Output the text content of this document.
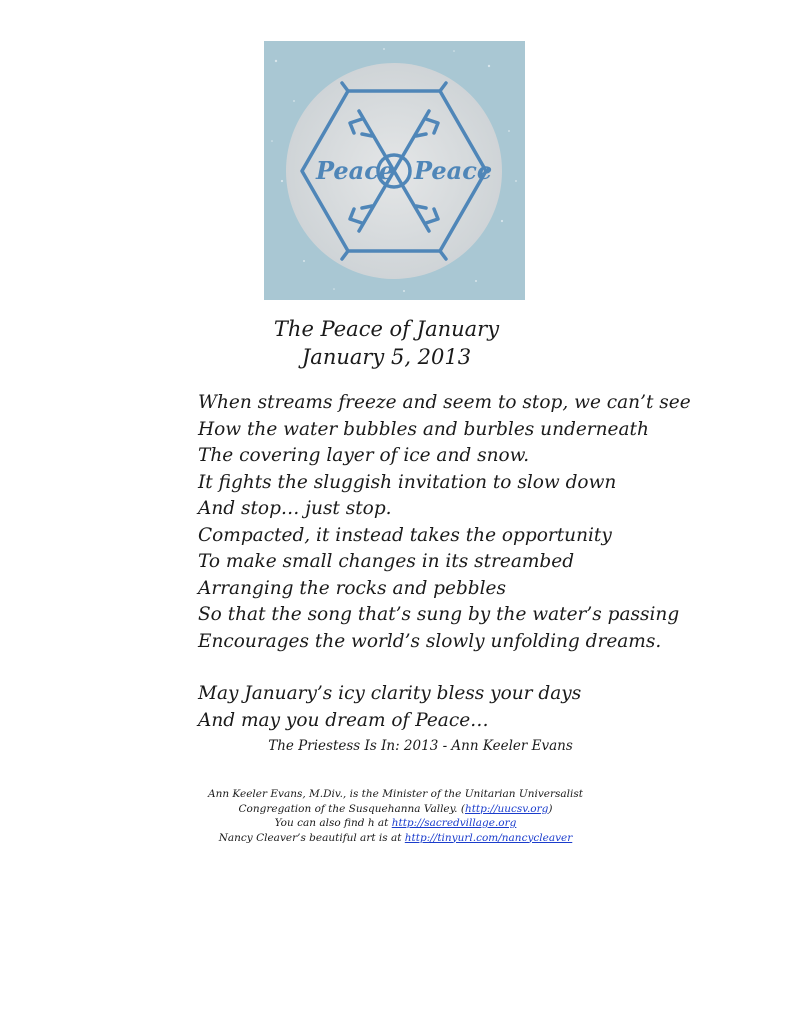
Peace Peace
The Peace of January
January 5, 2013
When streams freeze and seem to stop, we can’t see
How the water bubbles and burbles underneath
The covering layer of ice and snow.
It fights the sluggish invitation to slow down
And stop… just stop.
Compacted, it instead takes the opportunity
To make small changes in its streambed
Arranging the rocks and pebbles
So that the song that’s sung by the water’s passing
Encourages the world’s slowly unfolding dreams.
May January’s icy clarity bless your days
And may you dream of Peace…
The Priestess Is In: 2013 - Ann Keeler Evans
Ann Keeler Evans, M.Div., is the Minister of the Unitarian Universalist
Congregation of the Susquehanna Valley. (http://uucsv.org)
You can also find h at http://sacredvillage.org
Nancy Cleaver’s beautiful art is at http://tinyurl.com/nancycleaver
